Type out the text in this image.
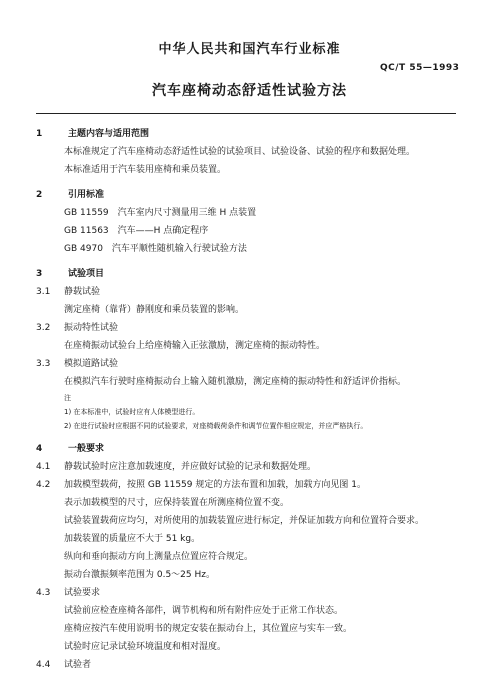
中华人民共和国汽车行业标准
QC/T 55—1993
汽车座椅动态舒适性试验方法
1	主题内容与适用范围
本标准规定了汽车座椅动态舒适性试验的试验项目、试验设备、试验的程序和数据处理。
本标准适用于汽车装用座椅和乘员装置。
2	引用标准
GB 11559　汽车室内尺寸测量用三维 H 点装置
GB 11563　汽车——H 点确定程序
GB 4970　汽车平顺性随机输入行驶试验方法
3	试验项目
3.1	静载试验
测定座椅（靠背）静刚度和乘员装置的影响。
3.2	振动特性试验
在座椅振动试验台上给座椅输入正弦激励，测定座椅的振动特性。
3.3	模拟道路试验
在模拟汽车行驶时座椅振动台上输入随机激励，测定座椅的振动特性和舒适评价指标。
注
1) 在本标准中，试验时应有人体模型进行。
2) 在进行试验时应根据不同的试验要求，对座椅载荷条件和调节位置作相应规定，并应严格执行。
4	一般要求
4.1	静载试验时应注意加载速度，并应做好试验的记录和数据处理。
4.2	加载模型载荷，按照 GB 11559 规定的方法布置和加载，加载方向见图 1。
表示加载模型的尺寸，应保持装置在所测座椅位置不变。
试验装置载荷应均匀，对所使用的加载装置应进行标定，并保证加载方向和位置符合要求。
加载装置的质量应不大于 51 kg。
纵向和垂向振动方向上测量点位置应符合规定。
振动台激振频率范围为 0.5～25 Hz。
4.3	试验要求
试验前应检查座椅各部件，调节机构和所有附件应处于正常工作状态。
座椅应按汽车使用说明书的规定安装在振动台上，其位置应与实车一致。
试验时应记录试验环境温度和相对湿度。
4.4	试验者
